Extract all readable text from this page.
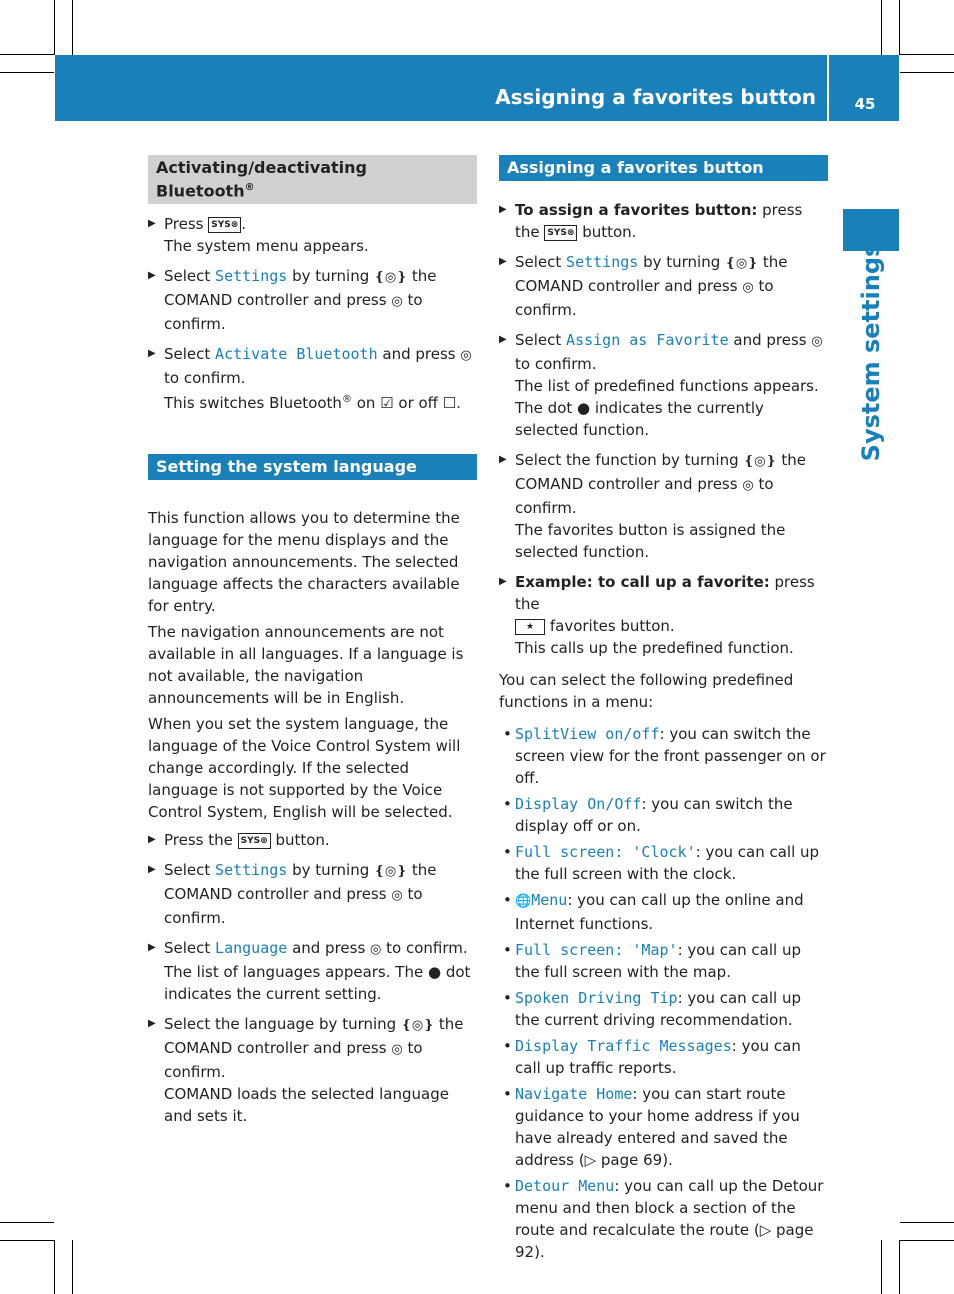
Assigning a favorites button	45
System settings
Activating/deactivating Bluetooth®
▶ Press SYS⊗ .
The system menu appears.
▶ Select Settings by turning ❴◎❵ the COMAND controller and press ◎ to confirm.
▶ Select Activate Bluetooth and press ◎ to confirm.
This switches Bluetooth® on ☑ or off ☐.
Setting the system language
This function allows you to determine the language for the menu displays and the navigation announcements. The selected language affects the characters available for entry.
The navigation announcements are not available in all languages. If a language is not available, the navigation announcements will be in English.
When you set the system language, the language of the Voice Control System will change accordingly. If the selected language is not supported by the Voice Control System, English will be selected.
▶ Press the SYS⊗ button.
▶ Select Settings by turning ❴◎❵ the COMAND controller and press ◎ to confirm.
▶ Select Language and press ◎ to confirm.
The list of languages appears. The ● dot indicates the current setting.
▶ Select the language by turning ❴◎❵ the COMAND controller and press ◎ to confirm.
COMAND loads the selected language and sets it.
Assigning a favorites button
▶ To assign a favorites button: press the SYS⊗ button.
▶ Select Settings by turning ❴◎❵ the COMAND controller and press ◎ to confirm.
▶ Select Assign as Favorite and press ◎ to confirm.
The list of predefined functions appears.
The dot ● indicates the currently selected function.
▶ Select the function by turning ❴◎❵ the COMAND controller and press ◎ to confirm.
The favorites button is assigned the selected function.
▶ Example: to call up a favorite: press the
★ favorites button.
This calls up the predefined function.
You can select the following predefined functions in a menu:
• SplitView on/off: you can switch the screen view for the front passenger on or off.
• Display On/Off: you can switch the display off or on.
• Full screen: 'Clock': you can call up the full screen with the clock.
• 🌐Menu: you can call up the online and Internet functions.
• Full screen: 'Map': you can call up the full screen with the map.
• Spoken Driving Tip: you can call up the current driving recommendation.
• Display Traffic Messages: you can call up traffic reports.
• Navigate Home: you can start route guidance to your home address if you have already entered and saved the address (▷ page 69).
• Detour Menu: you can call up the Detour menu and then block a section of the route and recalculate the route (▷ page 92).
